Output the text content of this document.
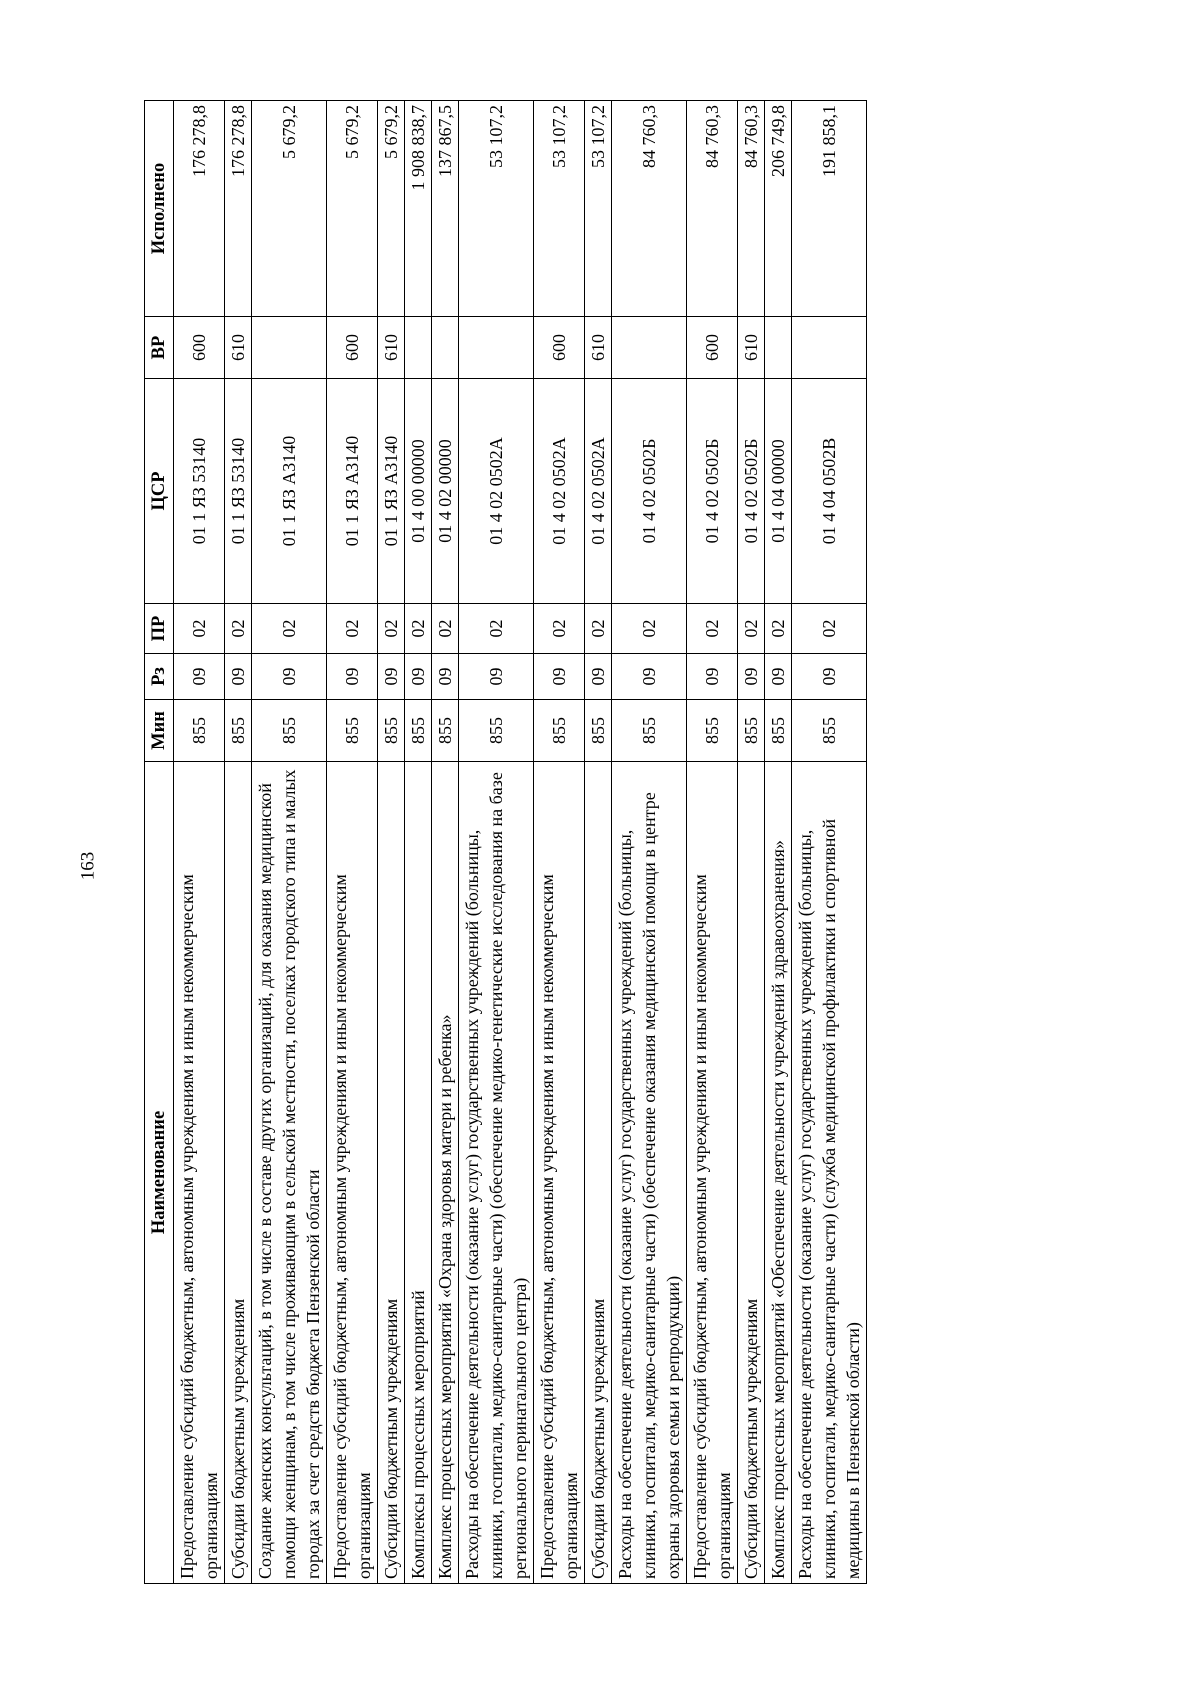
163
Наименование	Мин	Рз	ПР	ЦСР	ВР	Исполнено
Предоставление субсидий бюджетным, автономным учреждениям и иным некоммерческим организациям	855	09	02	01 1 ЯЗ 53140	600	176 278,8
Субсидии бюджетным учреждениям	855	09	02	01 1 ЯЗ 53140	610	176 278,8
Создание женских консультаций, в том числе в составе других организаций, для оказания медицинской помощи женщинам, в том числе проживающим в сельской местности, поселках городского типа и малых городах за счет средств бюджета Пензенской области	855	09	02	01 1 ЯЗ А3140		5 679,2
Предоставление субсидий бюджетным, автономным учреждениям и иным некоммерческим организациям	855	09	02	01 1 ЯЗ А3140	600	5 679,2
Субсидии бюджетным учреждениям	855	09	02	01 1 ЯЗ А3140	610	5 679,2
Комплексы процессных мероприятий	855	09	02	01 4 00 00000		1 908 838,7
Комплекс процессных мероприятий «Охрана здоровья матери и ребенка»	855	09	02	01 4 02 00000		137 867,5
Расходы на обеспечение деятельности (оказание услуг) государственных учреждений (больницы, клиники, госпитали, медико-санитарные части) (обеспечение медико-генетические исследования на базе регионального перинатального центра)	855	09	02	01 4 02 0502А		53 107,2
Предоставление субсидий бюджетным, автономным учреждениям и иным некоммерческим организациям	855	09	02	01 4 02 0502А	600	53 107,2
Субсидии бюджетным учреждениям	855	09	02	01 4 02 0502А	610	53 107,2
Расходы на обеспечение деятельности (оказание услуг) государственных учреждений (больницы, клиники, госпитали, медико-санитарные части) (обеспечение оказания медицинской помощи в центре охраны здоровья семьи и репродукции)	855	09	02	01 4 02 0502Б		84 760,3
Предоставление субсидий бюджетным, автономным учреждениям и иным некоммерческим организациям	855	09	02	01 4 02 0502Б	600	84 760,3
Субсидии бюджетным учреждениям	855	09	02	01 4 02 0502Б	610	84 760,3
Комплекс процессных мероприятий «Обеспечение деятельности учреждений здравоохранения»	855	09	02	01 4 04 00000		206 749,8
Расходы на обеспечение деятельности (оказание услуг) государственных учреждений (больницы, клиники, госпитали, медико-санитарные части) (служба медицинской профилактики и спортивной медицины в Пензенской области)	855	09	02	01 4 04 0502В		191 858,1
